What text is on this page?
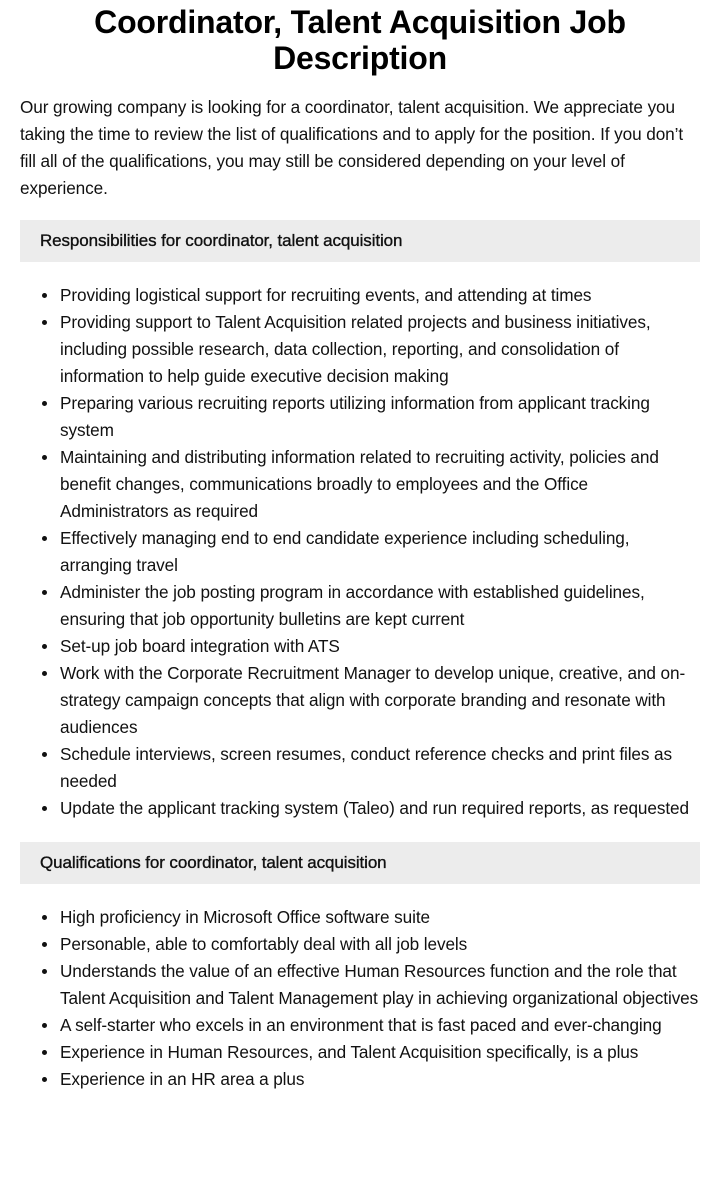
Coordinator, Talent Acquisition Job Description

Our growing company is looking for a coordinator, talent acquisition. We appreciate you taking the time to review the list of qualifications and to apply for the position. If you don’t fill all of the qualifications, you may still be considered depending on your level of experience.

Responsibilities for coordinator, talent acquisition
Providing logistical support for recruiting events, and attending at times
Providing support to Talent Acquisition related projects and business initiatives, including possible research, data collection, reporting, and consolidation of information to help guide executive decision making
Preparing various recruiting reports utilizing information from applicant tracking system
Maintaining and distributing information related to recruiting activity, policies and benefit changes, communications broadly to employees and the Office Administrators as required
Effectively managing end to end candidate experience including scheduling, arranging travel
Administer the job posting program in accordance with established guidelines, ensuring that job opportunity bulletins are kept current
Set-up job board integration with ATS
Work with the Corporate Recruitment Manager to develop unique, creative, and on-strategy campaign concepts that align with corporate branding and resonate with audiences
Schedule interviews, screen resumes, conduct reference checks and print files as needed
Update the applicant tracking system (Taleo) and run required reports, as requested
Qualifications for coordinator, talent acquisition
High proficiency in Microsoft Office software suite
Personable, able to comfortably deal with all job levels
Understands the value of an effective Human Resources function and the role that Talent Acquisition and Talent Management play in achieving organizational objectives
A self-starter who excels in an environment that is fast paced and ever-changing
Experience in Human Resources, and Talent Acquisition specifically, is a plus
Experience in an HR area a plus
